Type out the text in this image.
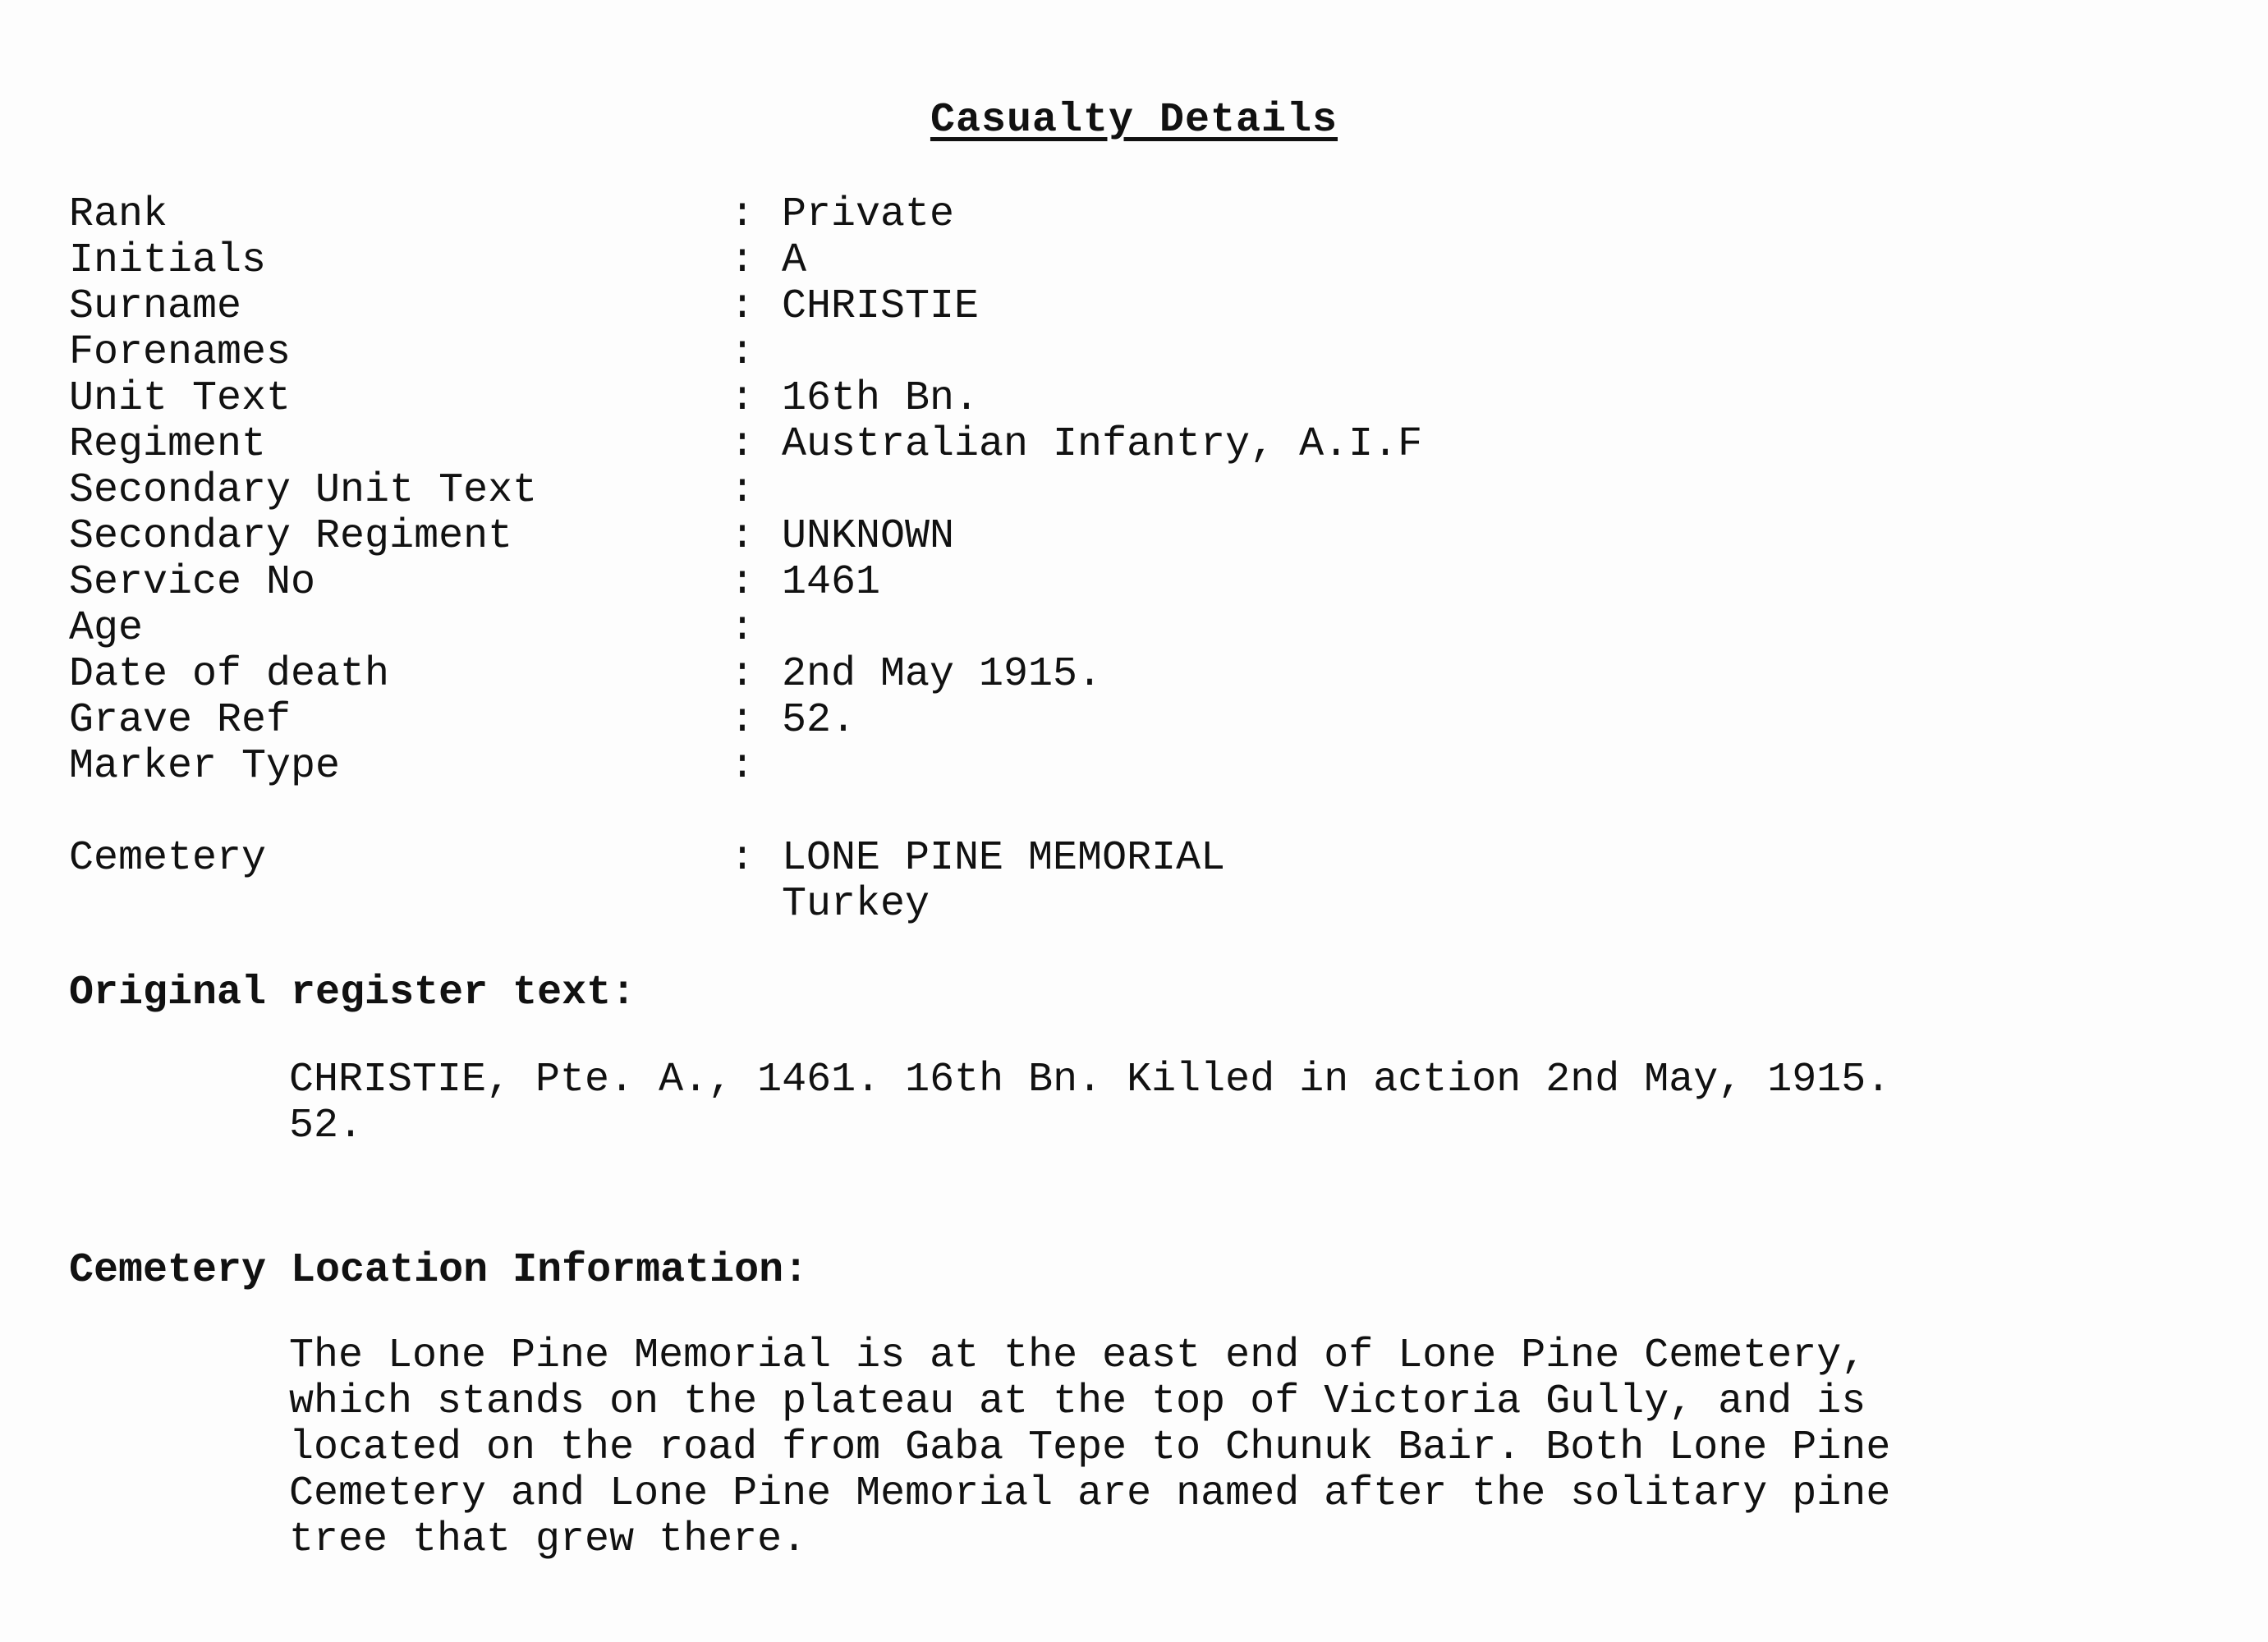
Casualty Details
Rank	: Private
Initials	: A
Surname	: CHRISTIE
Forenames	:
Unit Text	: 16th Bn.
Regiment	: Australian Infantry, A.I.F
Secondary Unit Text	:
Secondary Regiment	: UNKNOWN
Service No	: 1461
Age	:
Date of death	: 2nd May 1915.
Grave Ref	: 52.
Marker Type	:
Cemetery	: LONE PINE MEMORIAL
Turkey
Original register text:
CHRISTIE, Pte. A., 1461. 16th Bn. Killed in action 2nd May, 1915.
52.
Cemetery Location Information:
The Lone Pine Memorial is at the east end of Lone Pine Cemetery,
which stands on the plateau at the top of Victoria Gully, and is
located on the road from Gaba Tepe to Chunuk Bair. Both Lone Pine
Cemetery and Lone Pine Memorial are named after the solitary pine
tree that grew there.
